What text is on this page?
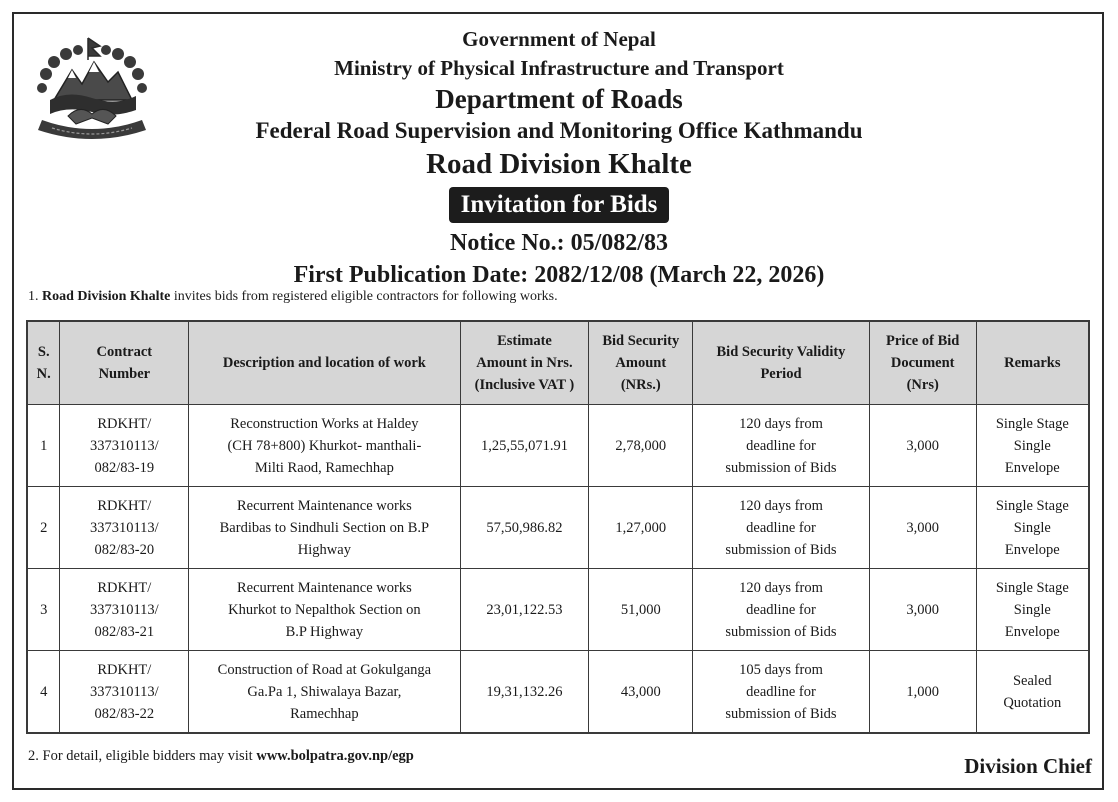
Government of Nepal
Ministry of Physical Infrastructure and Transport
Department of Roads
Federal Road Supervision and Monitoring Office Kathmandu
Road Division Khalte
Invitation for Bids
Notice No.: 05/082/83
First Publication Date: 2082/12/08 (March 22, 2026)
1. Road Division Khalte invites bids from registered eligible contractors for following works.
S.
N.	Contract
Number	Description and location of work	Estimate
Amount in Nrs.
(Inclusive VAT )	Bid Security
Amount
(NRs.)	Bid Security Validity
Period	Price of Bid
Document
(Nrs)	Remarks
1	RDKHT/
337310113/
082/83-19	Reconstruction Works at Haldey
(CH 78+800) Khurkot- manthali-
Milti Raod, Ramechhap	1,25,55,071.91	2,78,000	120 days from
deadline for
submission of Bids	3,000	Single Stage
Single
Envelope
2	RDKHT/
337310113/
082/83-20	Recurrent Maintenance works
Bardibas to Sindhuli Section on B.P
Highway	57,50,986.82	1,27,000	120 days from
deadline for
submission of Bids	3,000	Single Stage
Single
Envelope
3	RDKHT/
337310113/
082/83-21	Recurrent Maintenance works
Khurkot to Nepalthok Section on
B.P Highway	23,01,122.53	51,000	120 days from
deadline for
submission of Bids	3,000	Single Stage
Single
Envelope
4	RDKHT/
337310113/
082/83-22	Construction of Road at Gokulganga
Ga.Pa 1, Shiwalaya Bazar,
Ramechhap	19,31,132.26	43,000	105 days from
deadline for
submission of Bids	1,000	Sealed
Quotation
2. For detail, eligible bidders may visit www.bolpatra.gov.np/egp	Division Chief
